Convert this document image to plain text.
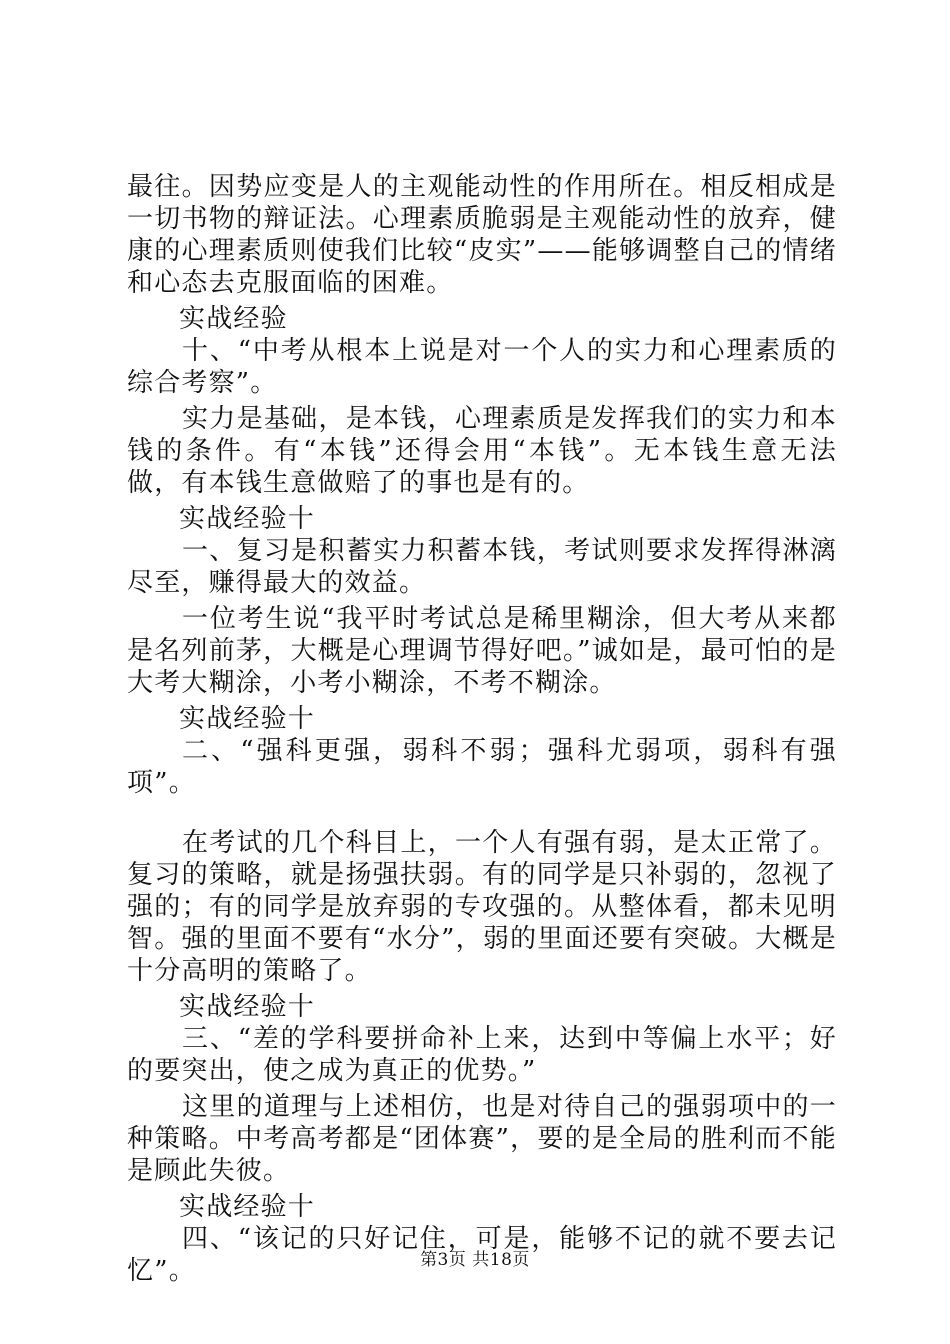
最往。因势应变是人的主观能动性的作用所在。相反相成是一切书物的辩证法。心理素质脆弱是主观能动性的放弃，健康的心理素质则使我们比较“皮实”——能够调整自己的情绪和心态去克服面临的困难。

实战经验

十、“中考从根本上说是对一个人的实力和心理素质的综合考察”。

实力是基础，是本钱，心理素质是发挥我们的实力和本钱的条件。有“本钱”还得会用“本钱”。无本钱生意无法做，有本钱生意做赔了的事也是有的。

实战经验十

一、复习是积蓄实力积蓄本钱，考试则要求发挥得淋漓尽至，赚得最大的效益。

一位考生说“我平时考试总是稀里糊涂，但大考从来都是名列前茅，大概是心理调节得好吧。”诚如是，最可怕的是大考大糊涂，小考小糊涂，不考不糊涂。

实战经验十

二、“强科更强，弱科不弱；强科尤弱项，弱科有强项”。

在考试的几个科目上，一个人有强有弱，是太正常了。复习的策略，就是扬强扶弱。有的同学是只补弱的，忽视了强的；有的同学是放弃弱的专攻强的。从整体看，都未见明智。强的里面不要有“水分”，弱的里面还要有突破。大概是十分高明的策略了。

实战经验十

三、“差的学科要拼命补上来，达到中等偏上水平；好的要突出，使之成为真正的优势。”

这里的道理与上述相仿，也是对待自己的强弱项中的一种策略。中考高考都是“团体赛”，要的是全局的胜利而不能是顾此失彼。

实战经验十

四、“该记的只好记住，可是，能够不记的就不要去记忆”。	第3页 共18页
